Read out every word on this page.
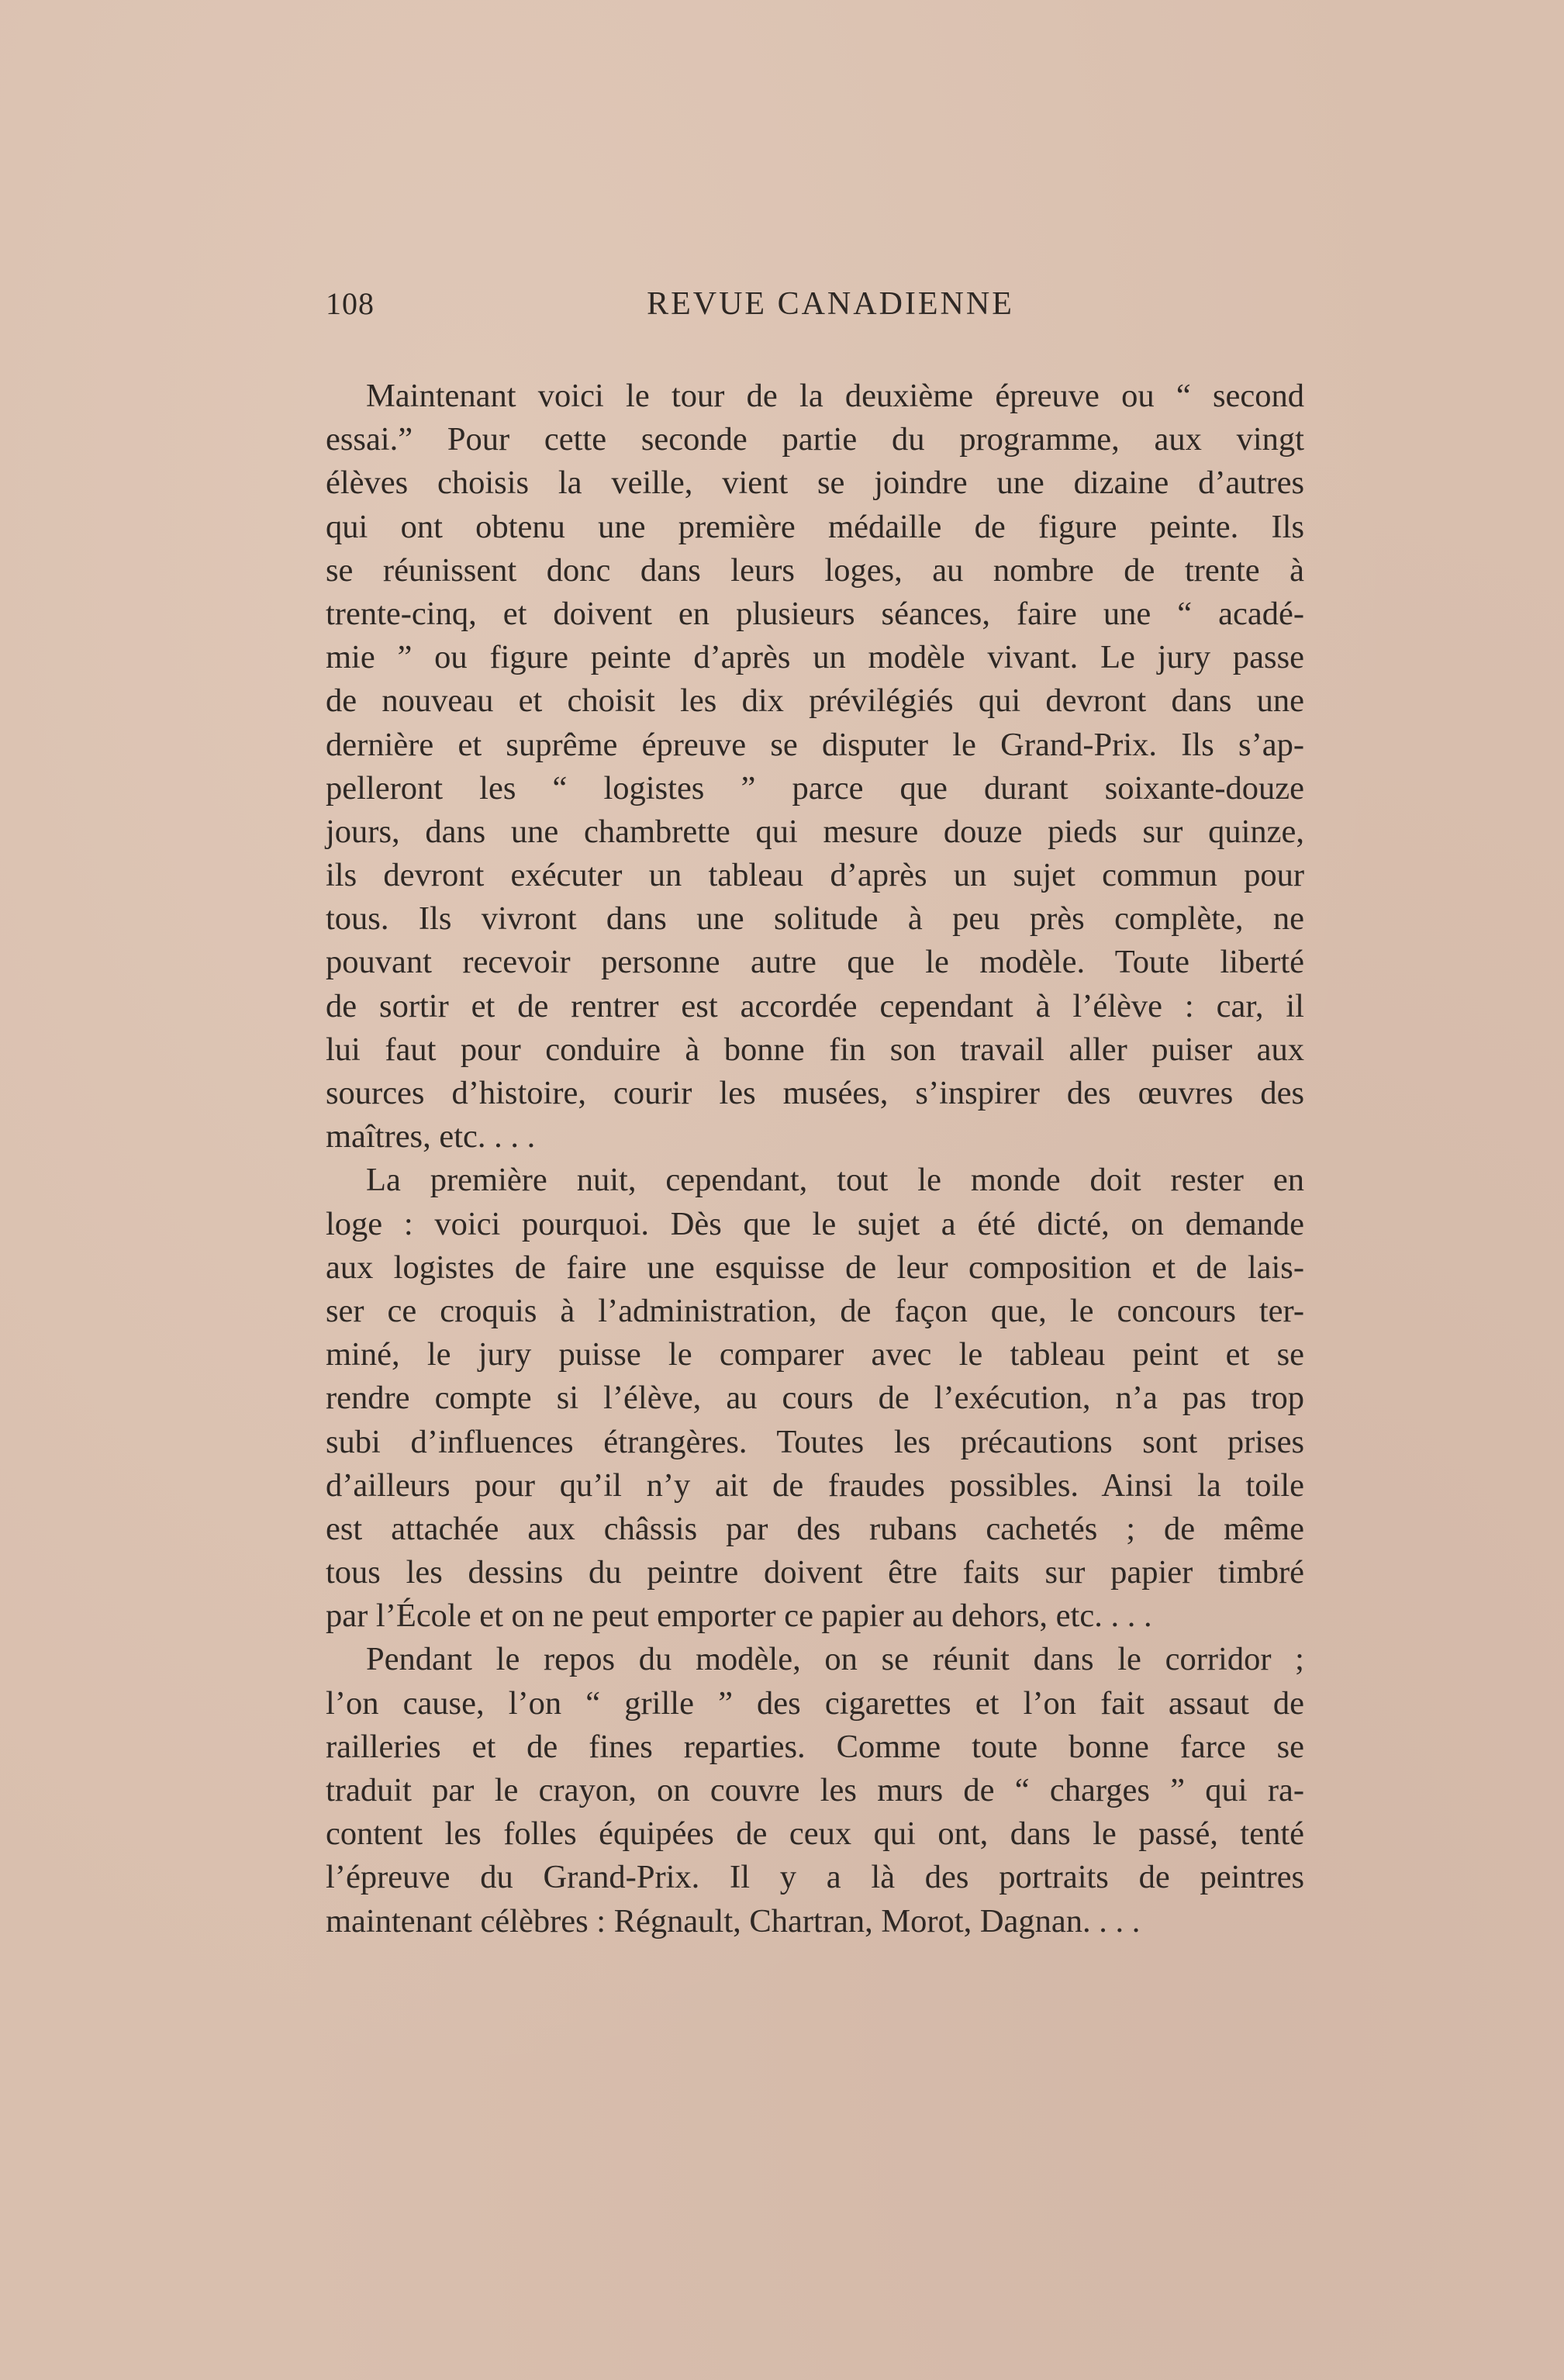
108	REVUE CANADIENNE
Maintenant voici le tour de la deuxième épreuve ou “ second
essai.” Pour cette seconde partie du programme, aux vingt
élèves choisis la veille, vient se joindre une dizaine d’autres
qui ont obtenu une première médaille de figure peinte. Ils
se réunissent donc dans leurs loges, au nombre de trente à
trente-cinq, et doivent en plusieurs séances, faire une “ acadé-
mie ” ou figure peinte d’après un modèle vivant. Le jury passe
de nouveau et choisit les dix prévilégiés qui devront dans une
dernière et suprême épreuve se disputer le Grand-Prix. Ils s’ap-
pelleront les “ logistes ” parce que durant soixante-douze
jours, dans une chambrette qui mesure douze pieds sur quinze,
ils devront exécuter un tableau d’après un sujet commun pour
tous. Ils vivront dans une solitude à peu près complète, ne
pouvant recevoir personne autre que le modèle. Toute liberté
de sortir et de rentrer est accordée cependant à l’élève : car, il
lui faut pour conduire à bonne fin son travail aller puiser aux
sources d’histoire, courir les musées, s’inspirer des œuvres des
maîtres, etc. . . .
La première nuit, cependant, tout le monde doit rester en
loge : voici pourquoi. Dès que le sujet a été dicté, on demande
aux logistes de faire une esquisse de leur composition et de lais-
ser ce croquis à l’administration, de façon que, le concours ter-
miné, le jury puisse le comparer avec le tableau peint et se
rendre compte si l’élève, au cours de l’exécution, n’a pas trop
subi d’influences étrangères. Toutes les précautions sont prises
d’ailleurs pour qu’il n’y ait de fraudes possibles. Ainsi la toile
est attachée aux châssis par des rubans cachetés ; de même
tous les dessins du peintre doivent être faits sur papier timbré
par l’École et on ne peut emporter ce papier au dehors, etc. . . .
Pendant le repos du modèle, on se réunit dans le corridor ;
l’on cause, l’on “ grille ” des cigarettes et l’on fait assaut de
railleries et de fines reparties. Comme toute bonne farce se
traduit par le crayon, on couvre les murs de “ charges ” qui ra-
content les folles équipées de ceux qui ont, dans le passé, tenté
l’épreuve du Grand-Prix. Il y a là des portraits de peintres
maintenant célèbres : Régnault, Chartran, Morot, Dagnan. . . .
